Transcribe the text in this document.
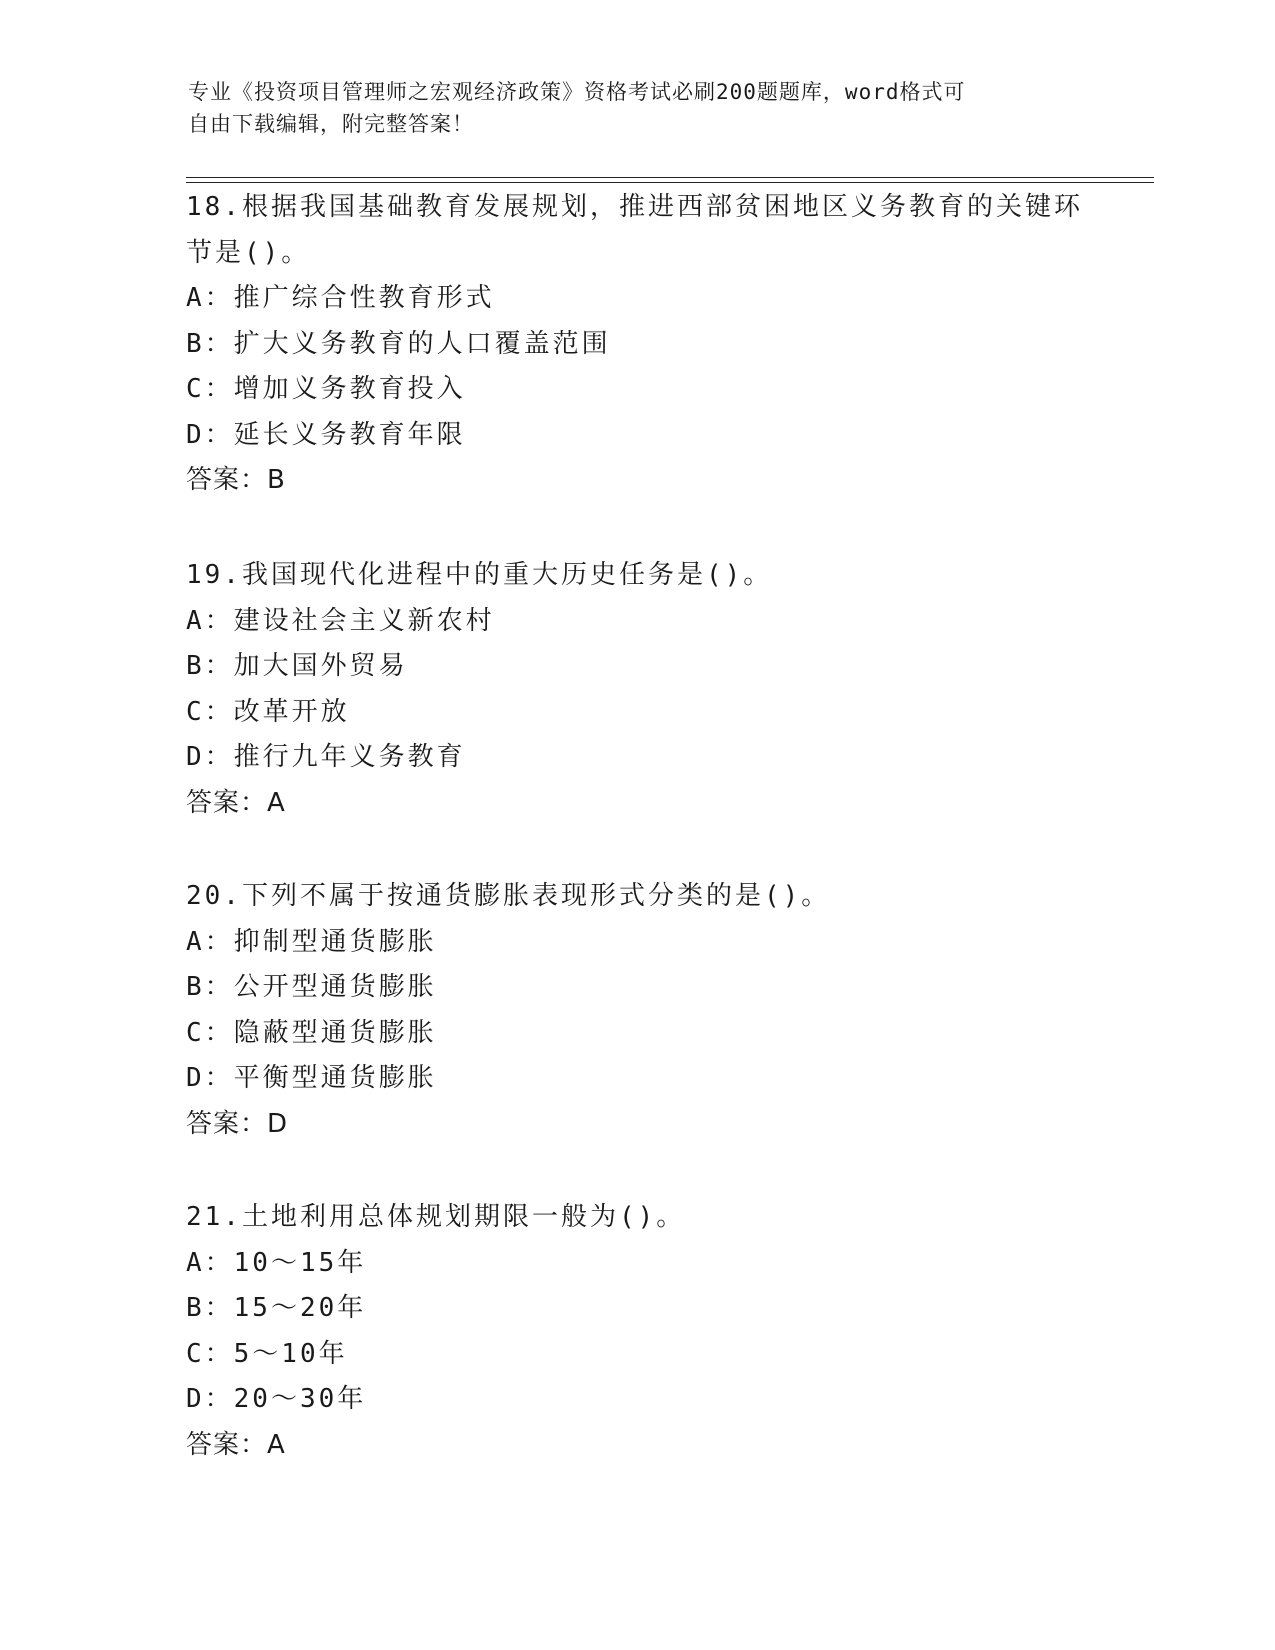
专业《投资项目管理师之宏观经济政策》资格考试必刷200题题库，word格式可
自由下载编辑，附完整答案！
18.根据我国基础教育发展规划，推进西部贫困地区义务教育的关键环
节是()。
A：推广综合性教育形式
B：扩大义务教育的人口覆盖范围
C：增加义务教育投入
D：延长义务教育年限
答案：B
19.我国现代化进程中的重大历史任务是()。
A：建设社会主义新农村
B：加大国外贸易
C：改革开放
D：推行九年义务教育
答案：A
20.下列不属于按通货膨胀表现形式分类的是()。
A：抑制型通货膨胀
B：公开型通货膨胀
C：隐蔽型通货膨胀
D：平衡型通货膨胀
答案：D
21.土地利用总体规划期限一般为()。
A：10～15年
B：15～20年
C：5～10年
D：20～30年
答案：A
